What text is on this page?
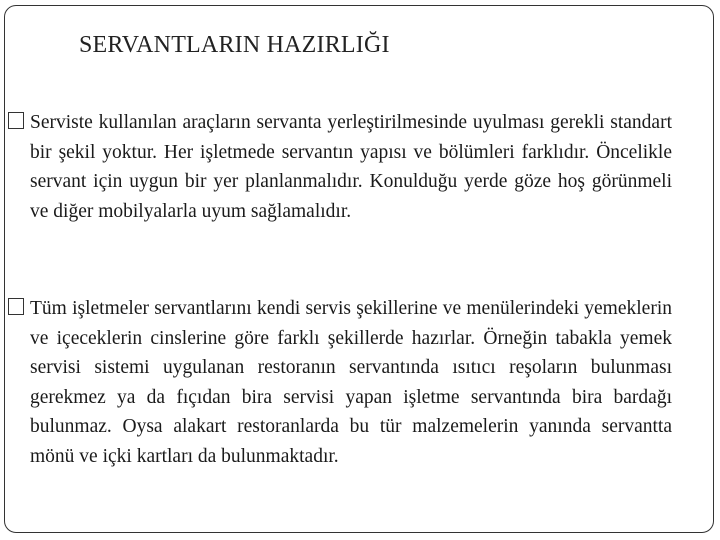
SERVANTLARIN HAZIRLIĞI

Serviste kullanılan araçların servanta yerleştirilmesinde uyulması gerekli standart bir şekil yoktur. Her işletmede servantın yapısı ve bölümleri farklıdır. Öncelikle servant için uygun bir yer planlanmalıdır. Konulduğu yerde göze hoş görünmeli ve diğer mobilyalarla uyum sağlamalıdır.

Tüm işletmeler servantlarını kendi servis şekillerine ve menülerindeki yemeklerin ve içeceklerin cinslerine göre farklı şekillerde hazırlar. Örneğin tabakla yemek servisi sistemi uygulanan restoranın servantında ısıtıcı reşoların bulunması gerekmez ya da fıçıdan bira servisi yapan işletme servantında bira bardağı bulunmaz. Oysa alakart restoranlarda bu tür malzemelerin yanında servantta mönü ve içki kartları da bulunmaktadır.
